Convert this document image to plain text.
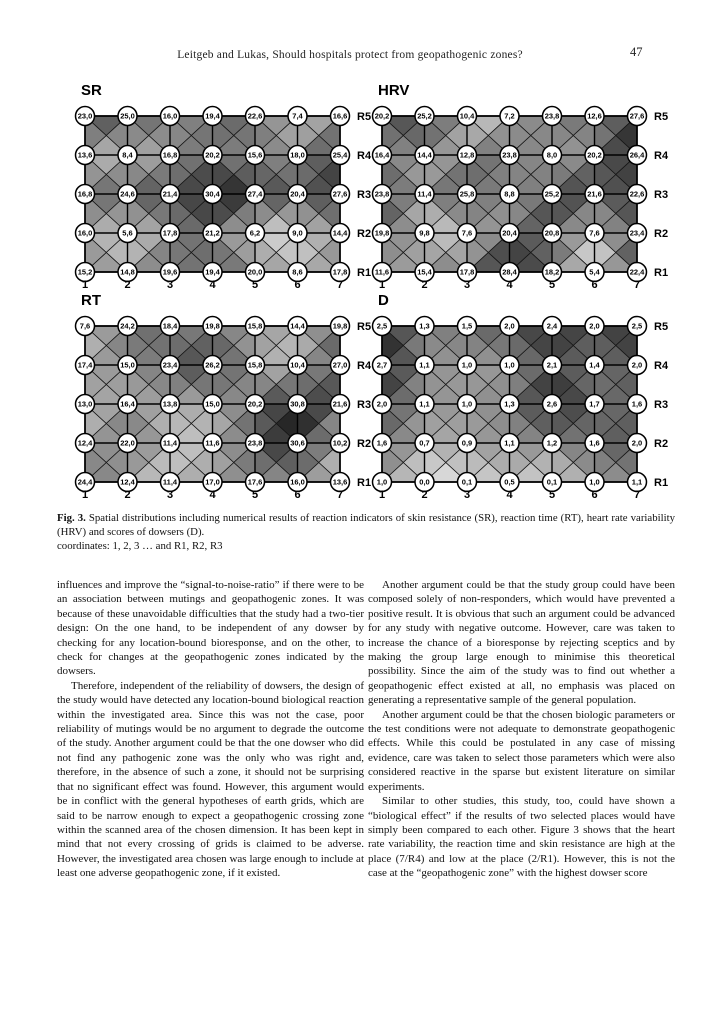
Leitgeb and Lukas, Should hospitals protect from geopathogenic zones?	47
23,0	25,0	16,0	19,4	22,6	7,4	16,6
13,6	8,4	16,8	20,2	15,6	18,0	25,4
16,8	24,6	21,4	30,4	27,4	20,4	27,6
16,0	5,6	17,8	21,2	6,2	9,0	14,4
15,2	14,8	19,6	19,4	20,0	8,6	17,8
R5
R4
R3
R2
R1
1	2	3	4	5	6	7
SR
20,2	25,2	10,4	7,2	23,8	12,6	27,6
16,4	14,4	12,8	23,8	8,0	20,2	26,4
23,8	11,4	25,8	8,8	25,2	21,6	22,6
19,8	9,8	7,6	20,4	20,8	7,6	23,4
11,6	15,4	17,8	28,4	18,2	5,4	22,4
R5
R4
R3
R2
R1
1	2	3	4	5	6	7
HRV
7,6	24,2	18,4	19,8	15,8	14,4	19,8
17,4	15,0	23,4	26,2	15,8	10,4	27,0
13,0	16,4	13,8	15,0	20,2	30,8	21,6
12,4	22,0	11,4	11,6	23,8	30,6	10,2
24,4	12,4	11,4	17,0	17,6	16,0	13,6
R5
R4
R3
R2
R1
1	2	3	4	5	6	7
RT
2,5	1,3	1,5	2,0	2,4	2,0	2,5
2,7	1,1	1,0	1,0	2,1	1,4	2,0
2,0	1,1	1,0	1,3	2,6	1,7	1,6
1,6	0,7	0,9	1,1	1,2	1,6	2,0
1,0	0,0	0,1	0,5	0,1	1,0	1,1
R5
R4
R3
R2
R1
1	2	3	4	5	6	7
D
Fig. 3. Spatial distributions including numerical results of reaction indicators of skin resistance (SR), reaction time (RT), heart rate variability (HRV) and scores of dowsers (D).
coordinates: 1, 2, 3 … and R1, R2, R3

influences and improve the “signal-to-noise-ratio” if there were to be an association between mutings and geopathogenic zones. It was because of these unavoidable difficulties that the study had a two-tier design: On the one hand, to be independent of any dowser by checking for any location-bound bioresponse, and on the other, to check for changes at the geopathogenic zones indicated by the dowsers.

Therefore, independent of the reliability of dowsers, the design of the study would have detected any location-bound biological reaction within the investigated area. Since this was not the case, poor reliability of mutings would be no argument to degrade the outcome of the study. Another argument could be that the one dowser who did not find any pathogenic zone was the only who was right and, therefore, in the absence of such a zone, it should not be surprising that no significant effect was found. However, this argument would be in conflict with the general hypotheses of earth grids, which are said to be narrow enough to expect a geopathogenic crossing zone within the scanned area of the chosen dimension. It has been kept in mind that not every crossing of grids is claimed to be adverse. However, the investigated area chosen was large enough to include at least one adverse geopathogenic zone, if it existed.

Another argument could be that the study group could have been composed solely of non-responders, which would have prevented a positive result. It is obvious that such an argument could be advanced for any study with negative outcome. However, care was taken to increase the chance of a bioresponse by rejecting sceptics and by making the group large enough to minimise this theoretical possibility. Since the aim of the study was to find out whether a geopathogenic effect existed at all, no emphasis was placed on generating a representative sample of the general population.

Another argument could be that the chosen biologic parameters or the test conditions were not adequate to demonstrate geopathogenic effects. While this could be postulated in any case of missing evidence, care was taken to select those parameters which were also considered reactive in the sparse but existent literature on similar experiments.

Similar to other studies, this study, too, could have shown a “biological effect” if the results of two selected places would have simply been compared to each other. Figure 3 shows that the heart rate variability, the reaction time and skin resistance are high at the place (7/R4) and low at the place (2/R1). However, this is not the case at the “geopathogenic zone” with the highest dowser score
